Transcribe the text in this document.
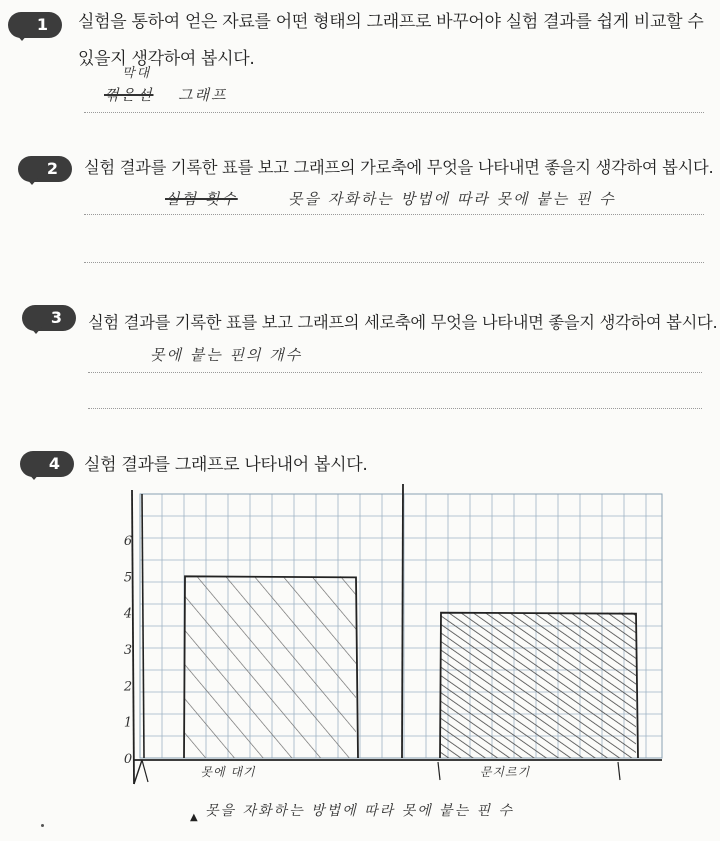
1	실험을 통하여 얻은 자료를 어떤 형태의 그래프로 바꾸어야 실험 결과를 쉽게 비교할 수
있을지 생각하여 봅시다.
막대
꺾은선 그래프
2	실험 결과를 기록한 표를 보고 그래프의 가로축에 무엇을 나타내면 좋을지 생각하여 봅시다.
실험 횟수	못을 자화하는 방법에 따라 못에 붙는 핀 수
3	실험 결과를 기록한 표를 보고 그래프의 세로축에 무엇을 나타내면 좋을지 생각하여 봅시다.
못에 붙는 핀의 개수
4	실험 결과를 그래프로 나타내어 봅시다.
0
1
2
3
4
5
6
못에 대기	문지르기
▲ 못을 자화하는 방법에 따라 못에 붙는 핀 수
